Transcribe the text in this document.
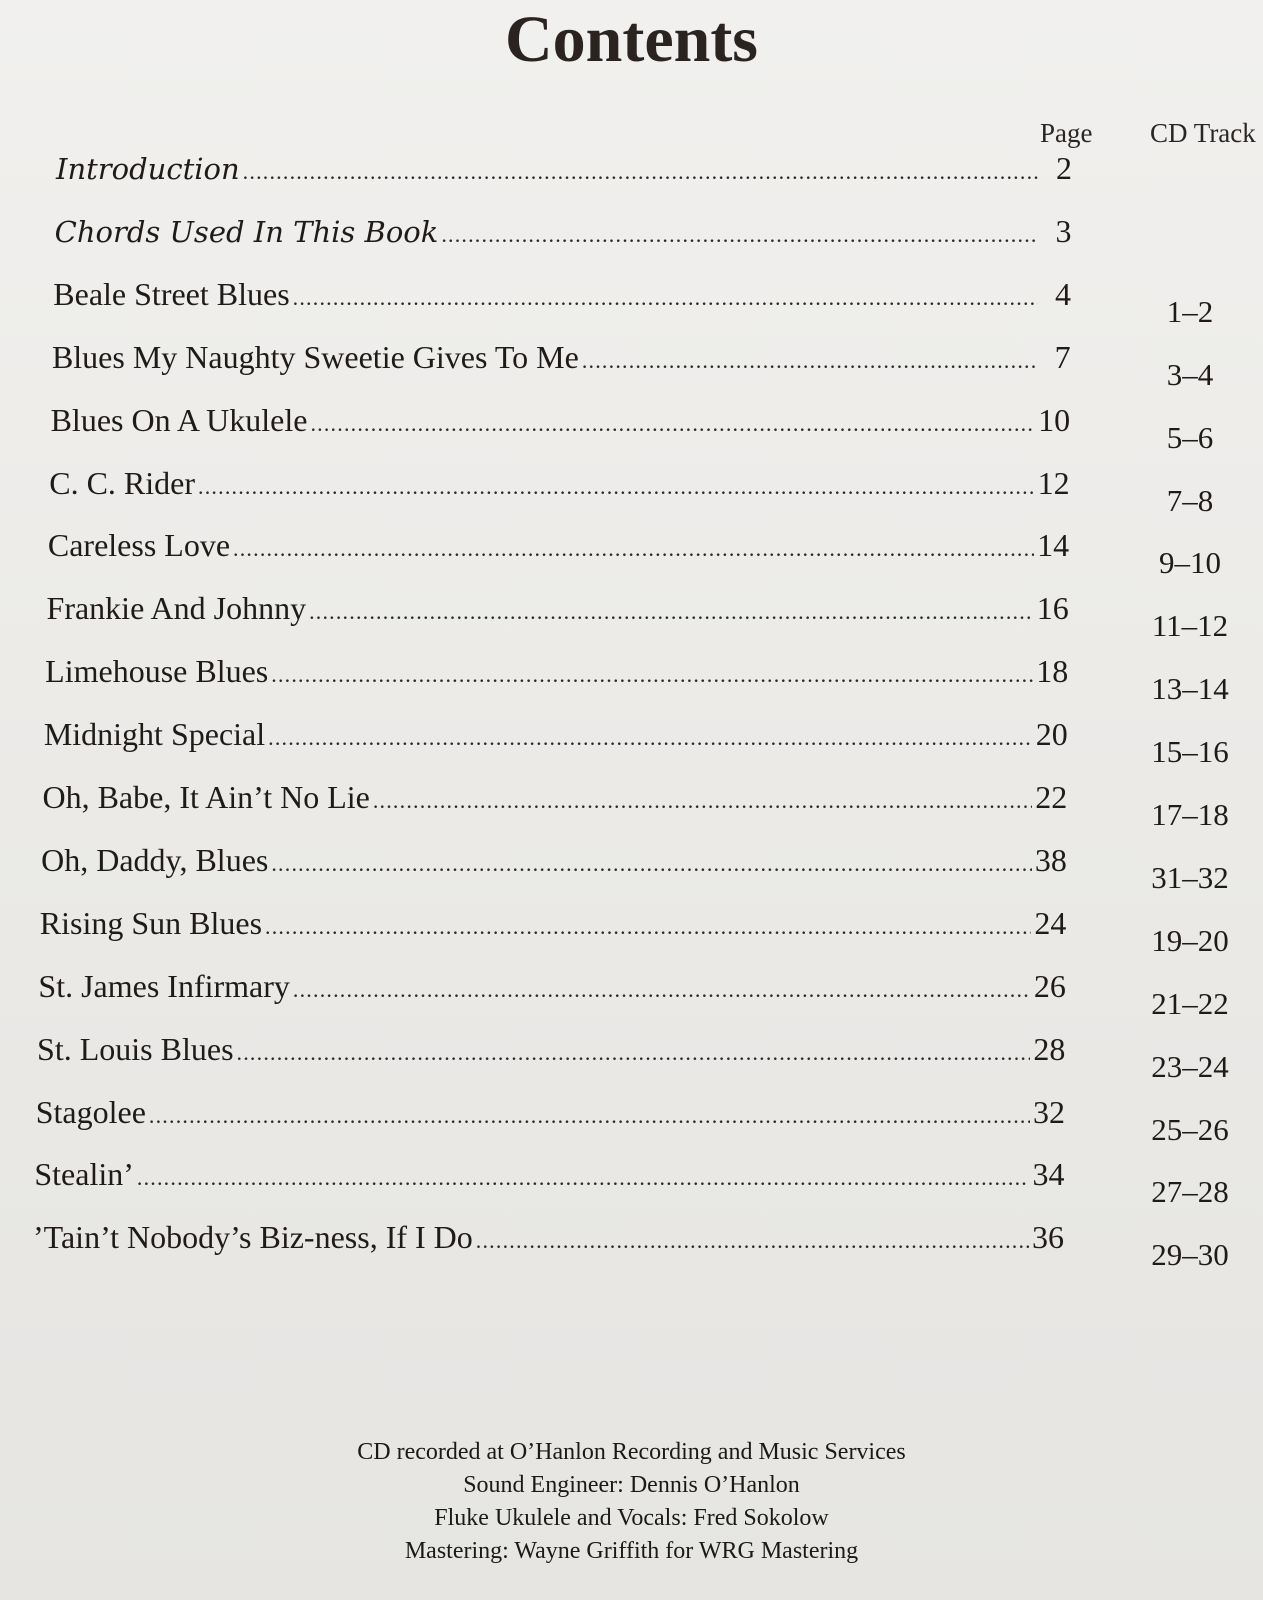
Contents
Page CD Track
Introduction .....	2
Chords Used In This Book .....	3
Beale Street Blues .....	4	1–2
Blues My Naughty Sweetie Gives To Me .....	7	3–4
Blues On A Ukulele .....	10	5–6
C. C. Rider .....	12	7–8
Careless Love .....	14	9–10
Frankie And Johnny .....	16	11–12
Limehouse Blues .....	18	13–14
Midnight Special .....	20	15–16
Oh, Babe, It Ain’t No Lie .....	22	17–18
Oh, Daddy, Blues .....	38	31–32
Rising Sun Blues .....	24	19–20
St. James Infirmary .....	26	21–22
St. Louis Blues .....	28	23–24
Stagolee .....	32	25–26
Stealin’ .....	34	27–28
’Tain’t Nobody’s Biz-ness, If I Do .....	36	29–30
CD recorded at O’Hanlon Recording and Music Services
Sound Engineer: Dennis O’Hanlon
Fluke Ukulele and Vocals: Fred Sokolow
Mastering: Wayne Griffith for WRG Mastering
